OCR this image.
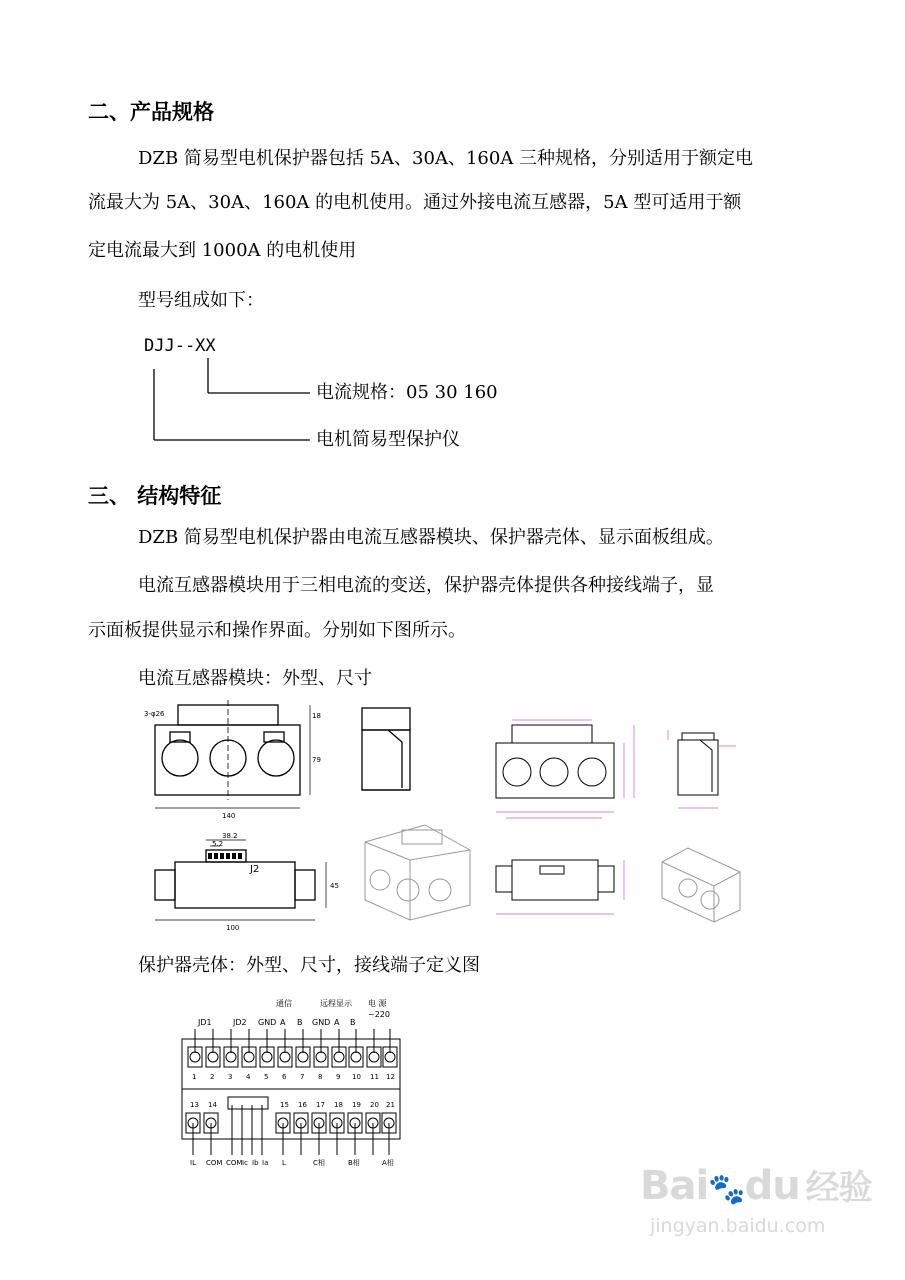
二、产品规格
DZB 简易型电机保护器包括 5A、30A、160A 三种规格，分别适用于额定电
流最大为 5A、30A、160A 的电机使用。通过外接电流互感器，5A 型可适用于额
定电流最大到 1000A 的电机使用
型号组成如下：
DJJ--XX
电流规格：05 30 160
电机简易型保护仪
三、 结构特征
DZB 简易型电机保护器由电流互感器模块、保护器壳体、显示面板组成。
电流互感器模块用于三相电流的变送，保护器壳体提供各种接线端子，显
示面板提供显示和操作界面。分别如下图所示。
电流互感器模块：外型、尺寸
3-φ26	18
79
140
38.2
5.2
J2
45
100
保护器壳体：外型、尺寸，接线端子定义图
通信	远程显示 电 源
~220
JD1	JD2 GND A B GND A B
1 2 3 4 5 6 7 8 9 10 11 12
13 14	15 16 17 18 19 20 21
IL COM COM Ic Ib Ia L	C相	B相	A相	Bai🐾du 经验
jingyan.baidu.com
